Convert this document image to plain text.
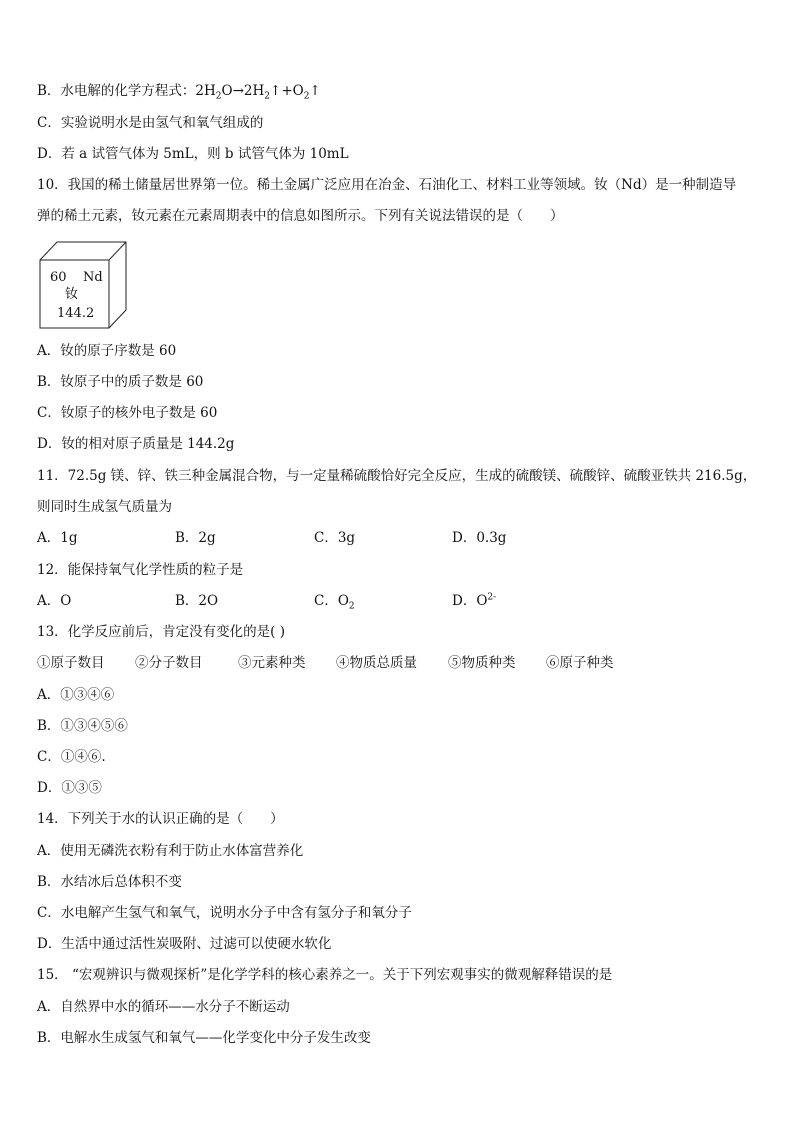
B．水电解的化学方程式：$2H_2O\to 2H_2↑+O_2↑$
C．实验说明水是由氢气和氧气组成的
D．若 a 试管气体为 5mL，则 b 试管气体为 10mL
10．我国的稀土储量居世界第一位。稀土金属广泛应用在冶金、石油化工、材料工业等领域。钕（Nd）是一种制造导
弹的稀土元素，钕元素在元素周期表中的信息如图所示。下列有关说法错误的是（　　）
60 Nd
钕
144.2
A．钕的原子序数是 60
B．钕原子中的质子数是 60
C．钕原子的核外电子数是 60
D．钕的相对原子质量是 144.2g
11．72.5g 镁、锌、铁三种金属混合物，与一定量稀硫酸恰好完全反应，生成的硫酸镁、硫酸锌、硫酸亚铁共 216.5g，
则同时生成氢气质量为
A．1g	B．2g	C．3g	D．0.3g
12．能保持氧气化学性质的粒子是
A．O	B．2O	C．$O_2$	D．$O^{2-}$
13．化学反应前后，肯定没有变化的是( )
①原子数目 ②分子数目	③元素种类 ④物质总质量 ⑤物质种类 ⑥原子种类
A．①③④⑥
B．①③④⑤⑥
C．①④⑥.
D．①③⑤
14．下列关于水的认识正确的是（　　）
A．使用无磷洗衣粉有利于防止水体富营养化
B．水结冰后总体积不变
C．水电解产生氢气和氧气，说明水分子中含有氢分子和氧分子
D．生活中通过活性炭吸附、过滤可以使硬水软化
15． “宏观辨识与微观探析”是化学学科的核心素养之一。关于下列宏观事实的微观解释错误的是
A．自然界中水的循环——水分子不断运动
B．电解水生成氢气和氧气——化学变化中分子发生改变
